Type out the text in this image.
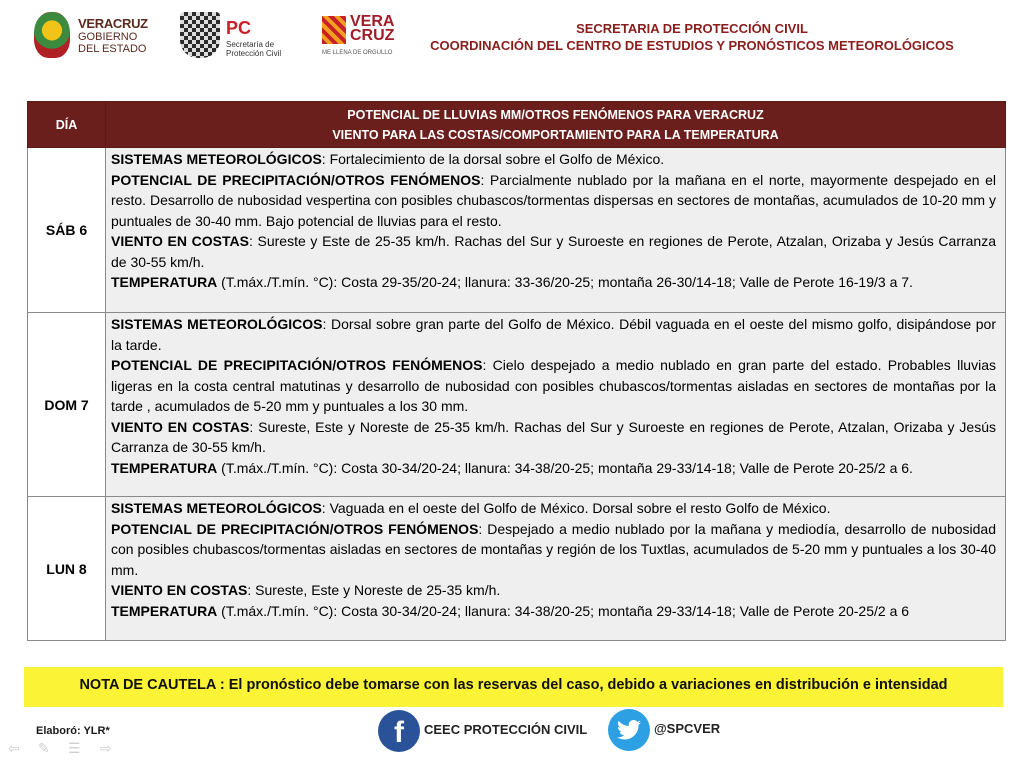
VERACRUZ
GOBIERNO
DEL ESTADO
PC
Secretaría de
Protección Civil
VERA
CRUZ
ME LLENA DE ORGULLO
SECRETARIA DE PROTECCIÓN CIVIL
COORDINACIÓN DEL CENTRO DE ESTUDIOS Y PRONÓSTICOS METEOROLÓGICOS
DÍA	POTENCIAL DE LLUVIAS MM/OTROS FENÓMENOS PARA VERACRUZ
VIENTO PARA LAS COSTAS/COMPORTAMIENTO PARA LA TEMPERATURA

SÁB 6	SISTEMAS METEOROLÓGICOS: Fortalecimiento de la dorsal sobre el Golfo de México.

POTENCIAL DE PRECIPITACIÓN/OTROS FENÓMENOS: Parcialmente nublado por la mañana en el norte, mayormente despejado en el resto. Desarrollo de nubosidad vespertina con posibles chubascos/tormentas dispersas en sectores de montañas, acumulados de 10-20 mm y puntuales de 30-40 mm. Bajo potencial de lluvias para el resto.

VIENTO EN COSTAS: Sureste y Este de 25-35 km/h. Rachas del Sur y Suroeste en regiones de Perote, Atzalan, Orizaba y Jesús Carranza de 30-55 km/h.

TEMPERATURA (T.máx./T.mín. °C): Costa 29-35/20-24; llanura: 33-36/20-25; montaña 26-30/14-18; Valle de Perote 16-19/3 a 7.

DOM 7	SISTEMAS METEOROLÓGICOS: Dorsal sobre gran parte del Golfo de México. Débil vaguada en el oeste del mismo golfo, disipándose por la tarde.

POTENCIAL DE PRECIPITACIÓN/OTROS FENÓMENOS: Cielo despejado a medio nublado en gran parte del estado. Probables lluvias ligeras en la costa central matutinas y desarrollo de nubosidad con posibles chubascos/tormentas aisladas en sectores de montañas por la tarde , acumulados de 5-20 mm y puntuales a los 30 mm.

VIENTO EN COSTAS: Sureste, Este y Noreste de 25-35 km/h. Rachas del Sur y Suroeste en regiones de Perote, Atzalan, Orizaba y Jesús Carranza de 30-55 km/h.

TEMPERATURA (T.máx./T.mín. °C): Costa 30-34/20-24; llanura: 34-38/20-25; montaña 29-33/14-18; Valle de Perote 20-25/2 a 6.

LUN 8	SISTEMAS METEOROLÓGICOS: Vaguada en el oeste del Golfo de México. Dorsal sobre el resto Golfo de México.

POTENCIAL DE PRECIPITACIÓN/OTROS FENÓMENOS: Despejado a medio nublado por la mañana y mediodía, desarrollo de nubosidad con posibles chubascos/tormentas aisladas en sectores de montañas y región de los Tuxtlas, acumulados de 5-20 mm y puntuales a los 30-40 mm.

VIENTO EN COSTAS: Sureste, Este y Noreste de 25-35 km/h.

TEMPERATURA (T.máx./T.mín. °C): Costa 30-34/20-24; llanura: 34-38/20-25; montaña 29-33/14-18; Valle de Perote 20-25/2 a 6

NOTA DE CAUTELA : El pronóstico debe tomarse con las reservas del caso, debido a variaciones en distribución e intensidad
Elaboró: YLR*	f	CEEC PROTECCIÓN CIVIL	@SPCVER
⇦ ✎ ☰ ⇨
